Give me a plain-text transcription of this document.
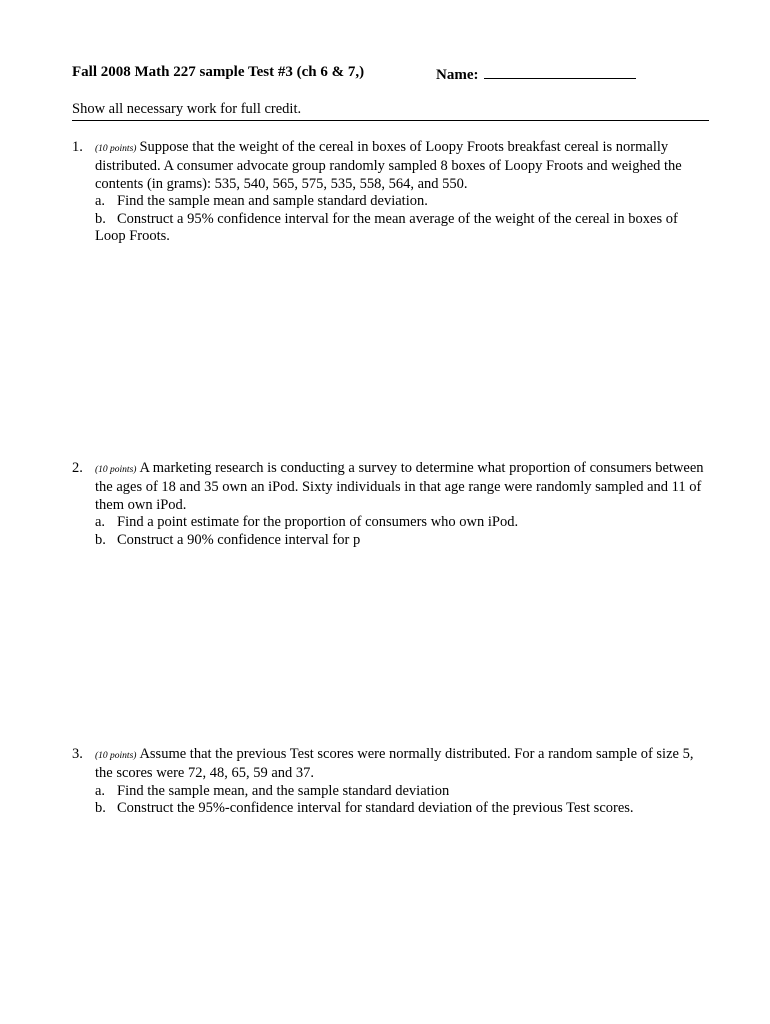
Fall 2008 Math 227 sample Test #3 (ch 6 & 7,)	Name:
Show all necessary work for full credit.
1. (10 points) Suppose that the weight of the cereal in boxes of Loopy Froots breakfast cereal is normally distributed. A consumer advocate group randomly sampled 8 boxes of Loopy Froots and weighed the contents (in grams): 535, 540, 565, 575, 535, 558, 564, and 550.
a. Find the sample mean and sample standard deviation.
b. Construct a 95% confidence interval for the mean average of the weight of the cereal in boxes of Loop Froots.
2. (10 points) A marketing research is conducting a survey to determine what proportion of consumers between the ages of 18 and 35 own an iPod. Sixty individuals in that age range were randomly sampled and 11 of them own iPod.
a. Find a point estimate for the proportion of consumers who own iPod.
b. Construct a 90% confidence interval for p
3. (10 points) Assume that the previous Test scores were normally distributed. For a random sample of size 5, the scores were 72, 48, 65, 59 and 37.
a. Find the sample mean, and the sample standard deviation
b. Construct the 95%-confidence interval for standard deviation of the previous Test scores.
